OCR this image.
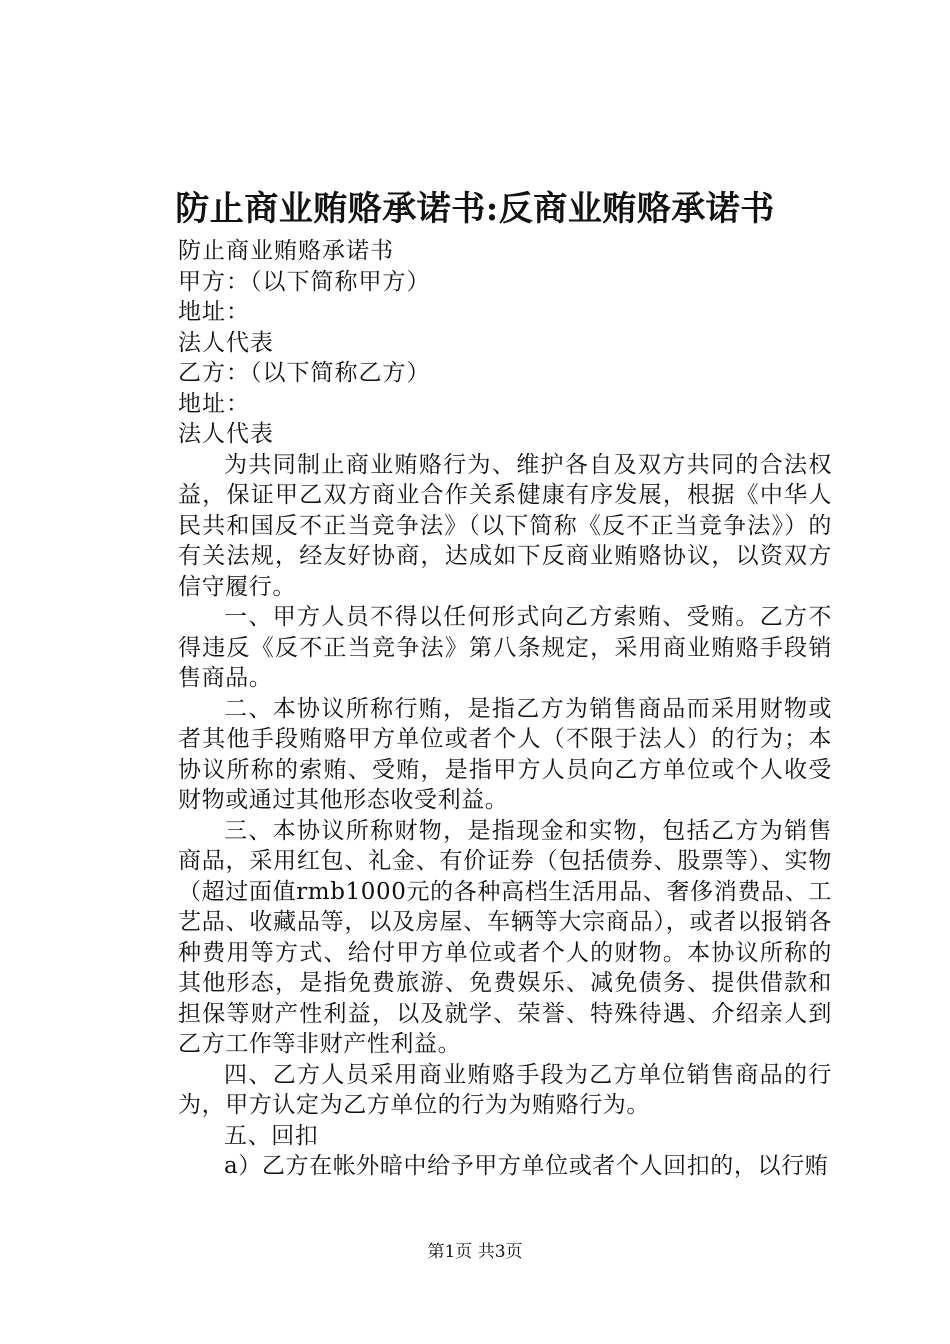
防止商业贿赂承诺书:反商业贿赂承诺书

防止商业贿赂承诺书

甲方：（以下简称甲方）

地址：

法人代表

乙方：（以下简称乙方）

地址：

法人代表

为共同制止商业贿赂行为、维护各自及双方共同的合法权益，保证甲乙双方商业合作关系健康有序发展，根据《中华人民共和国反不正当竞争法》（以下简称《反不正当竞争法》）的有关法规，经友好协商，达成如下反商业贿赂协议，以资双方信守履行。

一、甲方人员不得以任何形式向乙方索贿、受贿。乙方不得违反《反不正当竞争法》第八条规定，采用商业贿赂手段销售商品。

二、本协议所称行贿，是指乙方为销售商品而采用财物或者其他手段贿赂甲方单位或者个人（不限于法人）的行为；本协议所称的索贿、受贿，是指甲方人员向乙方单位或个人收受财物或通过其他形态收受利益。

三、本协议所称财物，是指现金和实物，包括乙方为销售商品，采用红包、礼金、有价证券（包括债券、股票等）、实物（超过面值rmb1000元的各种高档生活用品、奢侈消费品、工艺品、收藏品等，以及房屋、车辆等大宗商品），或者以报销各种费用等方式、给付甲方单位或者个人的财物。本协议所称的其他形态，是指免费旅游、免费娱乐、减免债务、提供借款和担保等财产性利益，以及就学、荣誉、特殊待遇、介绍亲人到乙方工作等非财产性利益。

四、乙方人员采用商业贿赂手段为乙方单位销售商品的行为，甲方认定为乙方单位的行为为贿赂行为。

五、回扣

a）乙方在帐外暗中给予甲方单位或者个人回扣的，以行贿

第1页 共3页
